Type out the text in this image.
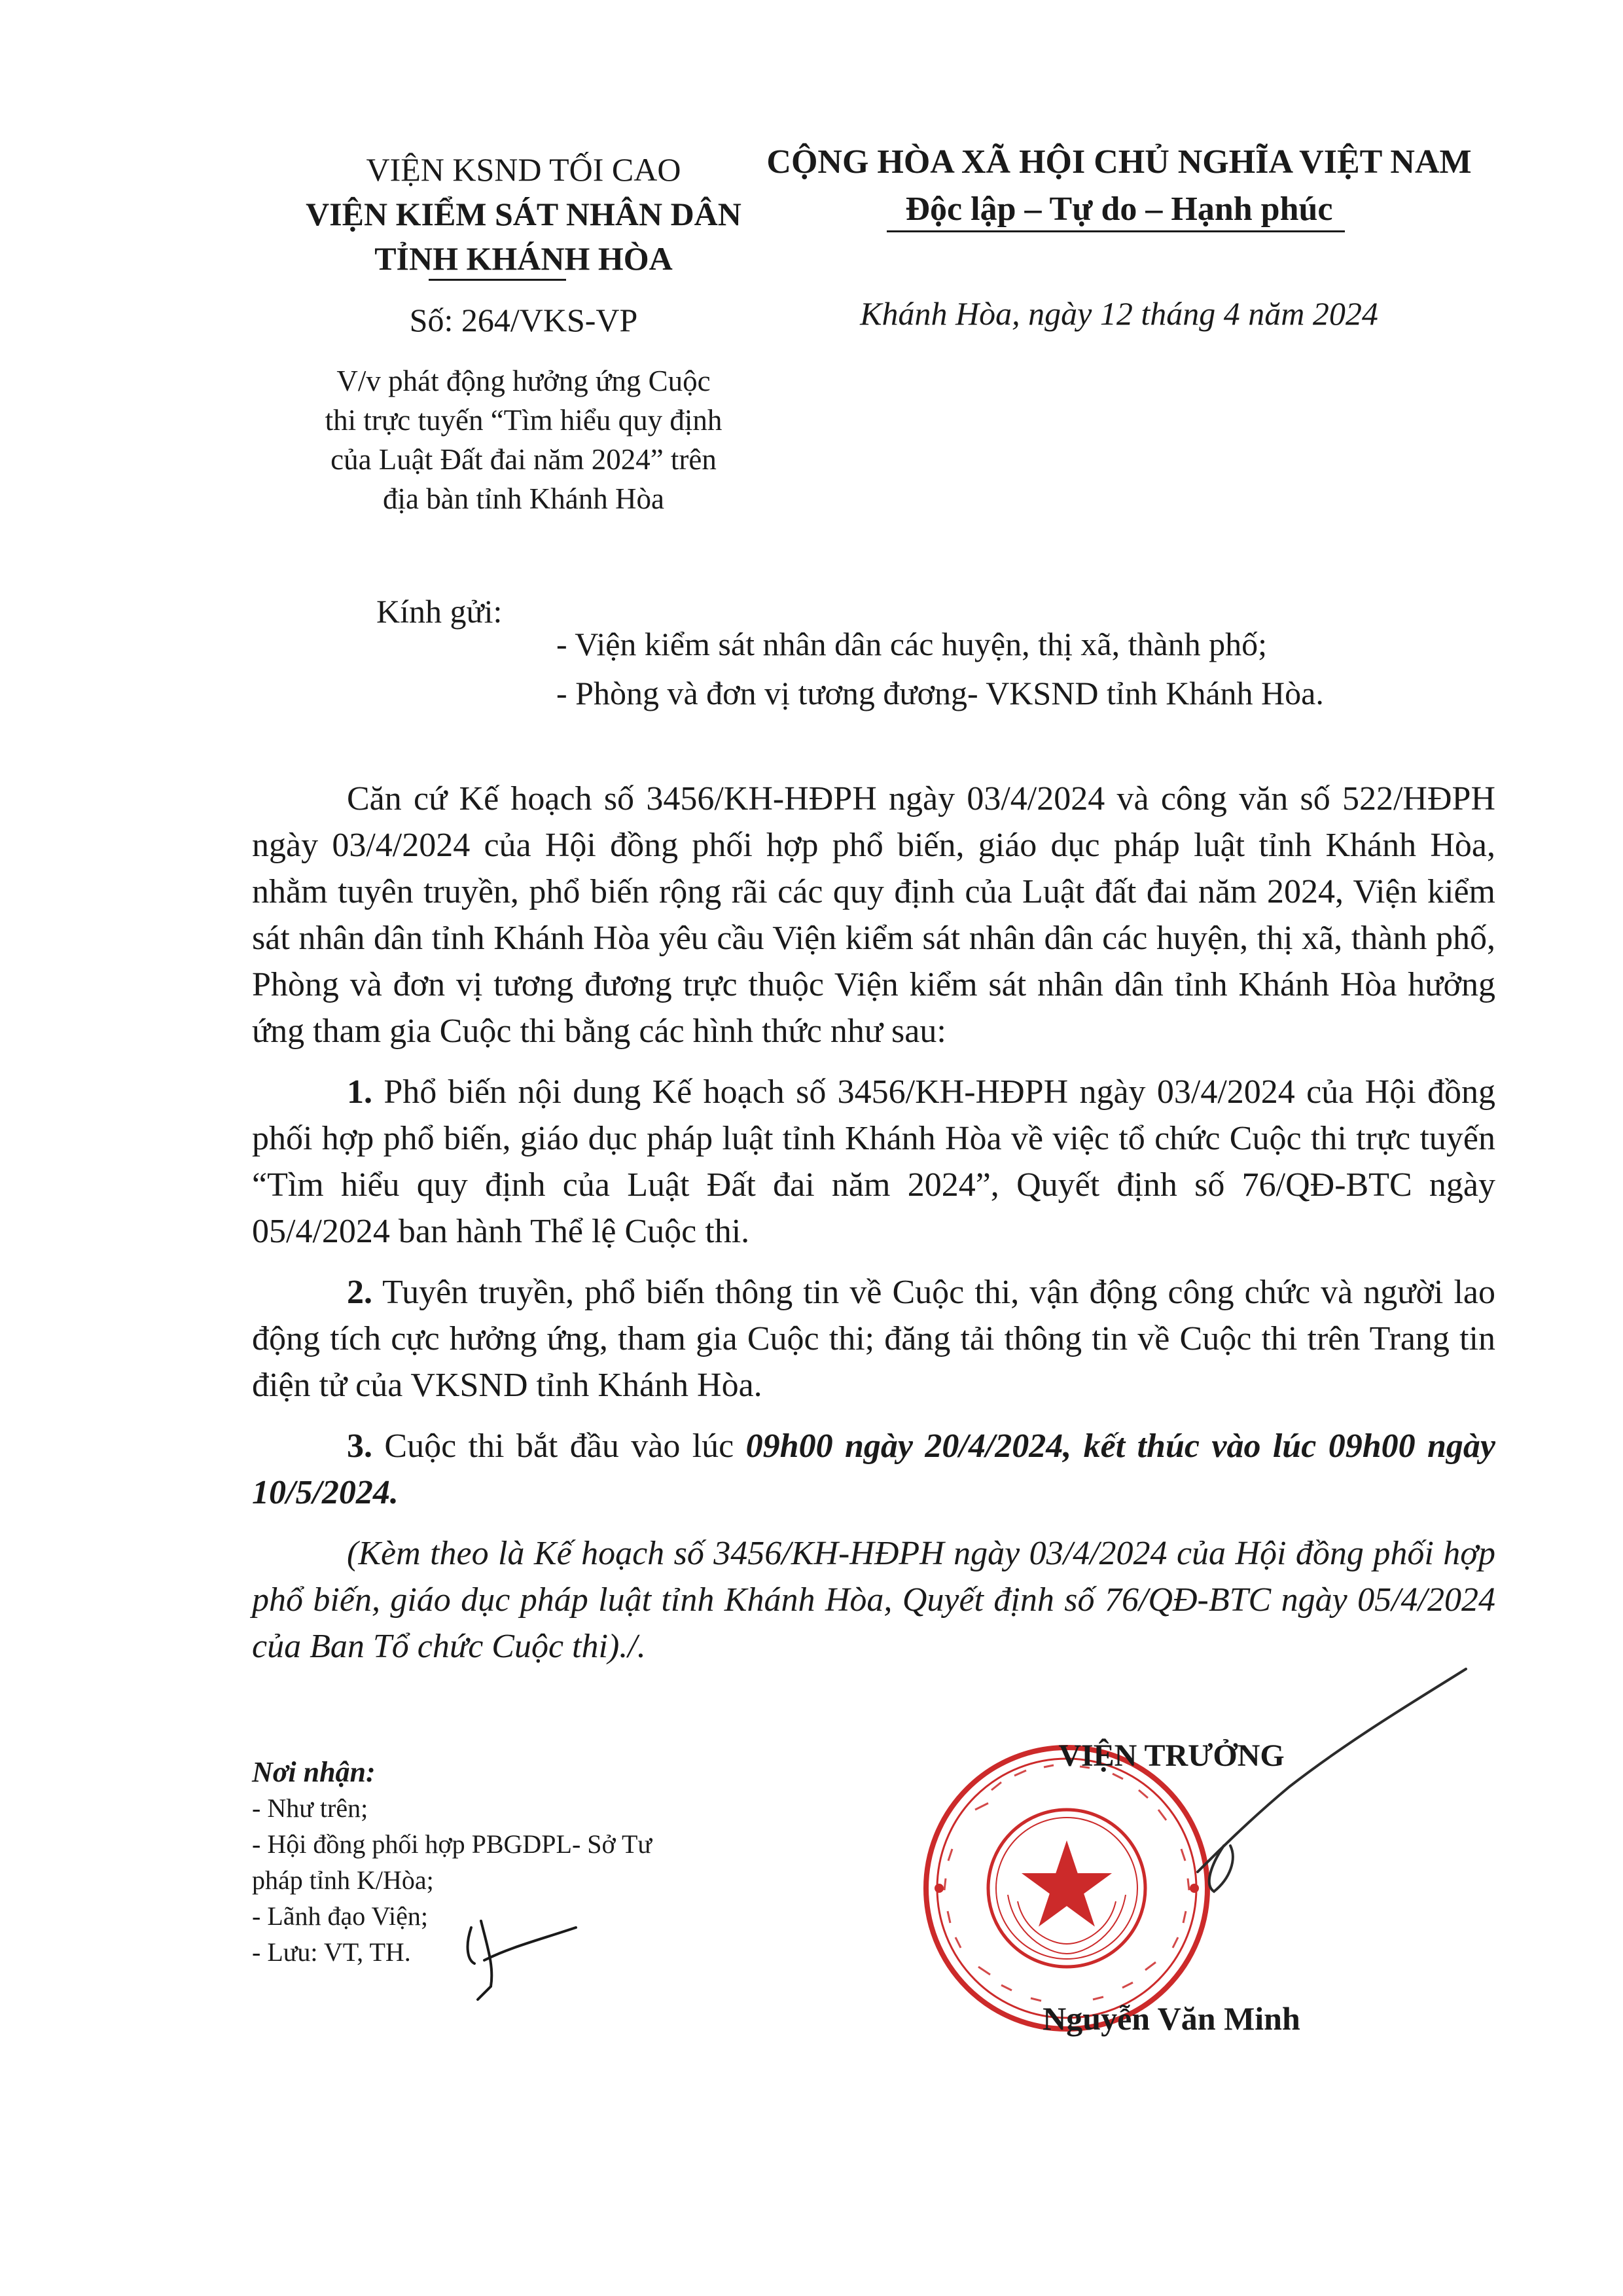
VIỆN KSND TỐI CAO
VIỆN KIỂM SÁT NHÂN DÂN
TỈNH KHÁNH HÒA
Số: 264/VKS-VP
V/v phát động hưởng ứng Cuộc
thi trực tuyến “Tìm hiểu quy định
của Luật Đất đai năm 2024” trên
địa bàn tỉnh Khánh Hòa
CỘNG HÒA XÃ HỘI CHỦ NGHĨA VIỆT NAM
Độc lập – Tự do – Hạnh phúc
Khánh Hòa, ngày 12 tháng 4 năm 2024
Kính gửi:
- Viện kiểm sát nhân dân các huyện, thị xã, thành phố;
- Phòng và đơn vị tương đương- VKSND tỉnh Khánh Hòa.

Căn cứ Kế hoạch số 3456/KH-HĐPH ngày 03/4/2024 và công văn số 522/HĐPH ngày 03/4/2024 của Hội đồng phối hợp phổ biến, giáo dục pháp luật tỉnh Khánh Hòa, nhằm tuyên truyền, phổ biến rộng rãi các quy định của Luật đất đai năm 2024, Viện kiểm sát nhân dân tỉnh Khánh Hòa yêu cầu Viện kiểm sát nhân dân các huyện, thị xã, thành phố, Phòng và đơn vị tương đương trực thuộc Viện kiểm sát nhân dân tỉnh Khánh Hòa hưởng ứng tham gia Cuộc thi bằng các hình thức như sau:

1. Phổ biến nội dung Kế hoạch số 3456/KH-HĐPH ngày 03/4/2024 của Hội đồng phối hợp phổ biến, giáo dục pháp luật tỉnh Khánh Hòa về việc tổ chức Cuộc thi trực tuyến “Tìm hiểu quy định của Luật Đất đai năm 2024”, Quyết định số 76/QĐ-BTC ngày 05/4/2024 ban hành Thể lệ Cuộc thi.

2. Tuyên truyền, phổ biến thông tin về Cuộc thi, vận động công chức và người lao động tích cực hưởng ứng, tham gia Cuộc thi; đăng tải thông tin về Cuộc thi trên Trang tin điện tử của VKSND tỉnh Khánh Hòa.

3. Cuộc thi bắt đầu vào lúc 09h00 ngày 20/4/2024, kết thúc vào lúc 09h00 ngày 10/5/2024.

(Kèm theo là Kế hoạch số 3456/KH-HĐPH ngày 03/4/2024 của Hội đồng phối hợp phổ biến, giáo dục pháp luật tỉnh Khánh Hòa, Quyết định số 76/QĐ-BTC ngày 05/4/2024 của Ban Tổ chức Cuộc thi)./.

Nơi nhận:
- Như trên;
- Hội đồng phối hợp PBGDPL- Sở Tư
pháp tỉnh K/Hòa;
- Lãnh đạo Viện;
- Lưu: VT, TH.
VIỆN TRƯỞNG
Nguyễn Văn Minh
